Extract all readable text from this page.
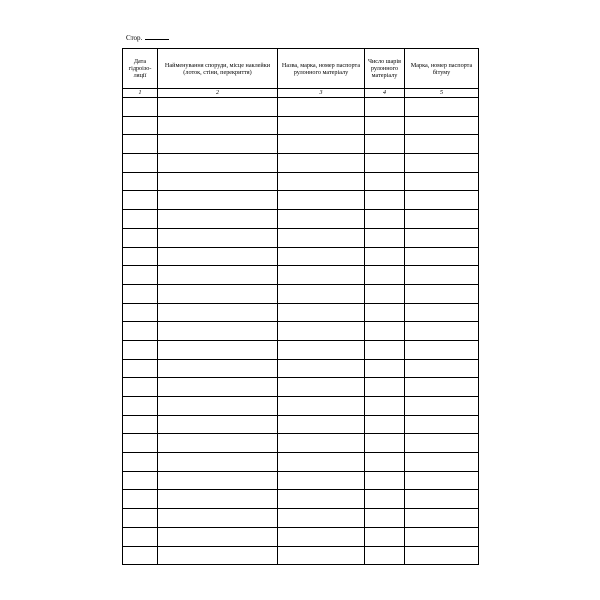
Стор.
Дата гідроізо-ляції	Найменування споруди, місце наклейки (лоток, стіни, перекриття)	Назва, марка, номер паспорта рулонного матеріалу	Число шарів рулонного матеріалу	Марка, номер паспорта бітуму
1	2	3	4	5
